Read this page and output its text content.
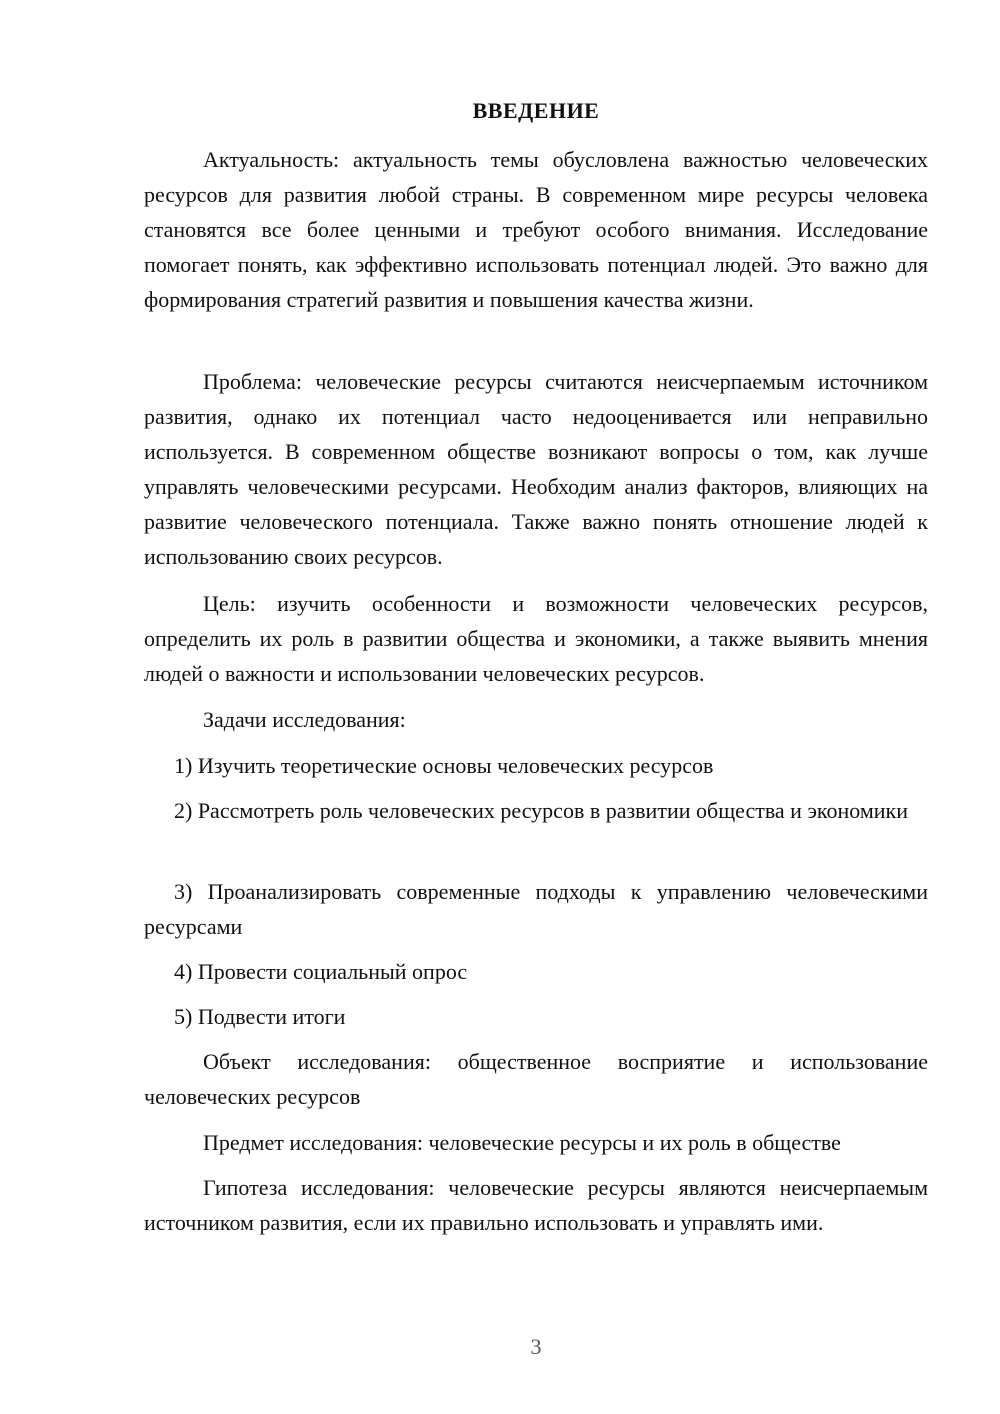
ВВЕДЕНИЕ

Актуальность: актуальность темы обусловлена важностью человеческих ресурсов для развития любой страны. В современном мире ресурсы человека становятся все более ценными и требуют особого внимания. Исследование помогает понять, как эффективно использовать потенциал людей. Это важно для формирования стратегий развития и повышения качества жизни.

Проблема: человеческие ресурсы считаются неисчерпаемым источником развития, однако их потенциал часто недооценивается или неправильно используется. В современном обществе возникают вопросы о том, как лучше управлять человеческими ресурсами. Необходим анализ факторов, влияющих на развитие человеческого потенциала. Также важно понять отношение людей к использованию своих ресурсов.

Цель: изучить особенности и возможности человеческих ресурсов, определить их роль в развитии общества и экономики, а также выявить мнения людей о важности и использовании человеческих ресурсов.

Задачи исследования:

1) Изучить теоретические основы человеческих ресурсов

2) Рассмотреть роль человеческих ресурсов в развитии общества и экономики

3) Проанализировать современные подходы к управлению человеческими ресурсами

4) Провести социальный опрос

5) Подвести итоги

Объект исследования: общественное восприятие и использование человеческих ресурсов

Предмет исследования: человеческие ресурсы и их роль в обществе

Гипотеза исследования: человеческие ресурсы являются неисчерпаемым источником развития, если их правильно использовать и управлять ими.

3
